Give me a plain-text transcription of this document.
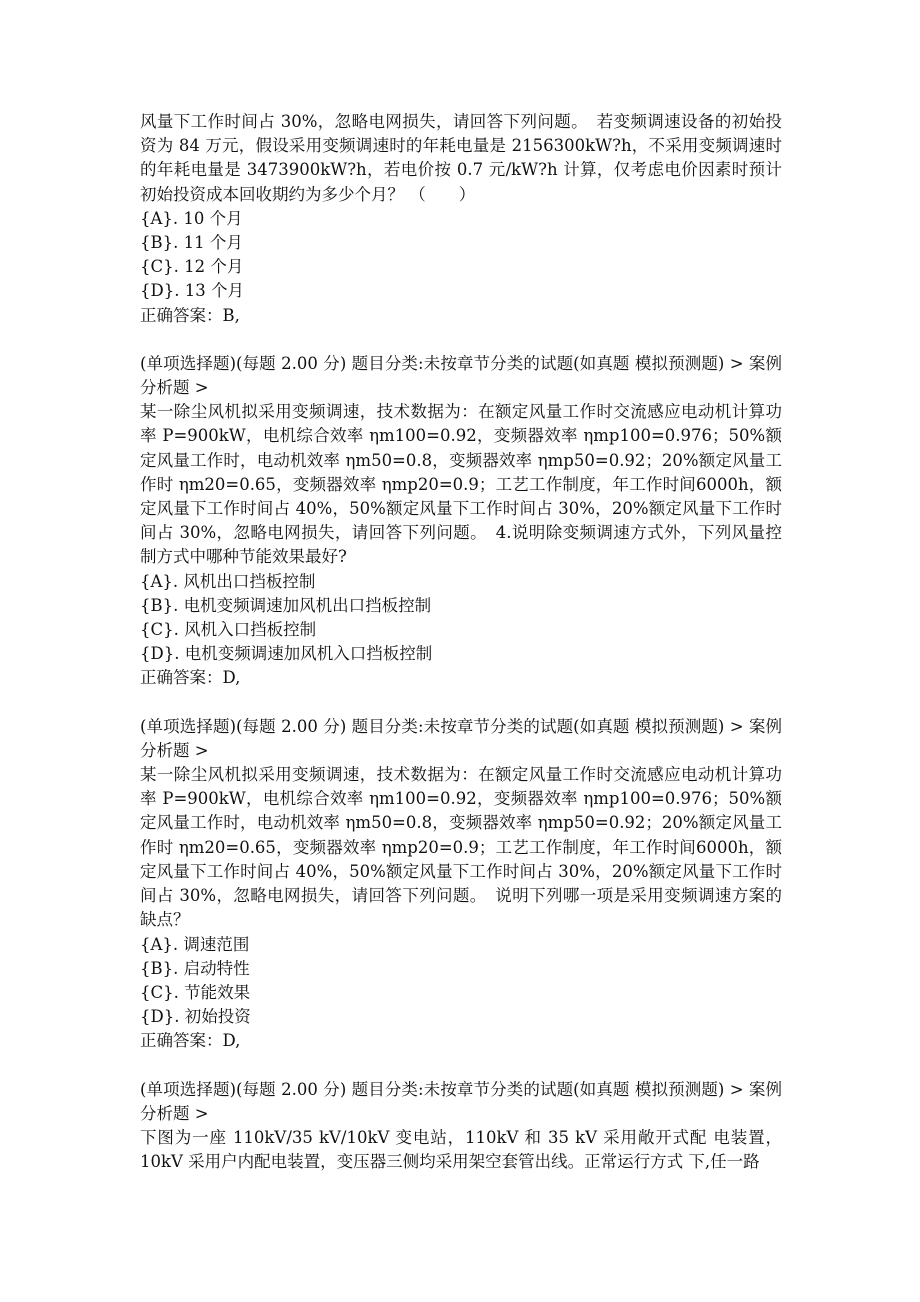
风量下工作时间占 30%，忽略电网损失，请回答下列问题。　若变频调速设备的初始投资为 84 万元，假设采用变频调速时的年耗电量是 2156300kW?h，不采用变频调速时的年耗电量是 3473900kW?h，若电价按 0.7 元/kW?h 计算，仅考虑电价因素时预计初始投资成本回收期约为多少个月？ （　　）

{A}. 10 个月

{B}. 11 个月

{C}. 12 个月

{D}. 13 个月

正确答案：B,

(单项选择题)(每题 2.00 分) 题目分类:未按章节分类的试题(如真题 模拟预测题) > 案例分析题 >

某一除尘风机拟采用变频调速，技术数据为：在额定风量工作时交流感应电动机计算功率 P=900kW，电机综合效率 ηm100=0.92，变频器效率 ηmp100=0.976；50%额定风量工作时，电动机效率 ηm50=0.8，变频器效率 ηmp50=0.92；20%额定风量工作时 ηm20=0.65，变频器效率 ηmp20=0.9；工艺工作制度，年工作时间6000h，额定风量下工作时间占 40%，50%额定风量下工作时间占 30%，20%额定风量下工作时间占 30%，忽略电网损失，请回答下列问题。　4.说明除变频调速方式外，下列风量控制方式中哪种节能效果最好?

{A}. 风机出口挡板控制

{B}. 电机变频调速加风机出口挡板控制

{C}. 风机入口挡板控制

{D}. 电机变频调速加风机入口挡板控制

正确答案：D,

(单项选择题)(每题 2.00 分) 题目分类:未按章节分类的试题(如真题 模拟预测题) > 案例分析题 >

某一除尘风机拟采用变频调速，技术数据为：在额定风量工作时交流感应电动机计算功率 P=900kW，电机综合效率 ηm100=0.92，变频器效率 ηmp100=0.976；50%额定风量工作时，电动机效率 ηm50=0.8，变频器效率 ηmp50=0.92；20%额定风量工作时 ηm20=0.65，变频器效率 ηmp20=0.9；工艺工作制度，年工作时间6000h，额定风量下工作时间占 40%，50%额定风量下工作时间占 30%，20%额定风量下工作时间占 30%，忽略电网损失，请回答下列问题。　说明下列哪一项是采用变频调速方案的缺点？

{A}. 调速范围

{B}. 启动特性

{C}. 节能效果

{D}. 初始投资

正确答案：D,

(单项选择题)(每题 2.00 分) 题目分类:未按章节分类的试题(如真题 模拟预测题) > 案例分析题 >

下图为一座 110kV/35 kV/10kV 变电站，110kV 和 35 kV 采用敞开式配 电装置，10kV 采用户内配电装置，变压器三侧均采用架空套管出线。正常运行方式 下,任一路
